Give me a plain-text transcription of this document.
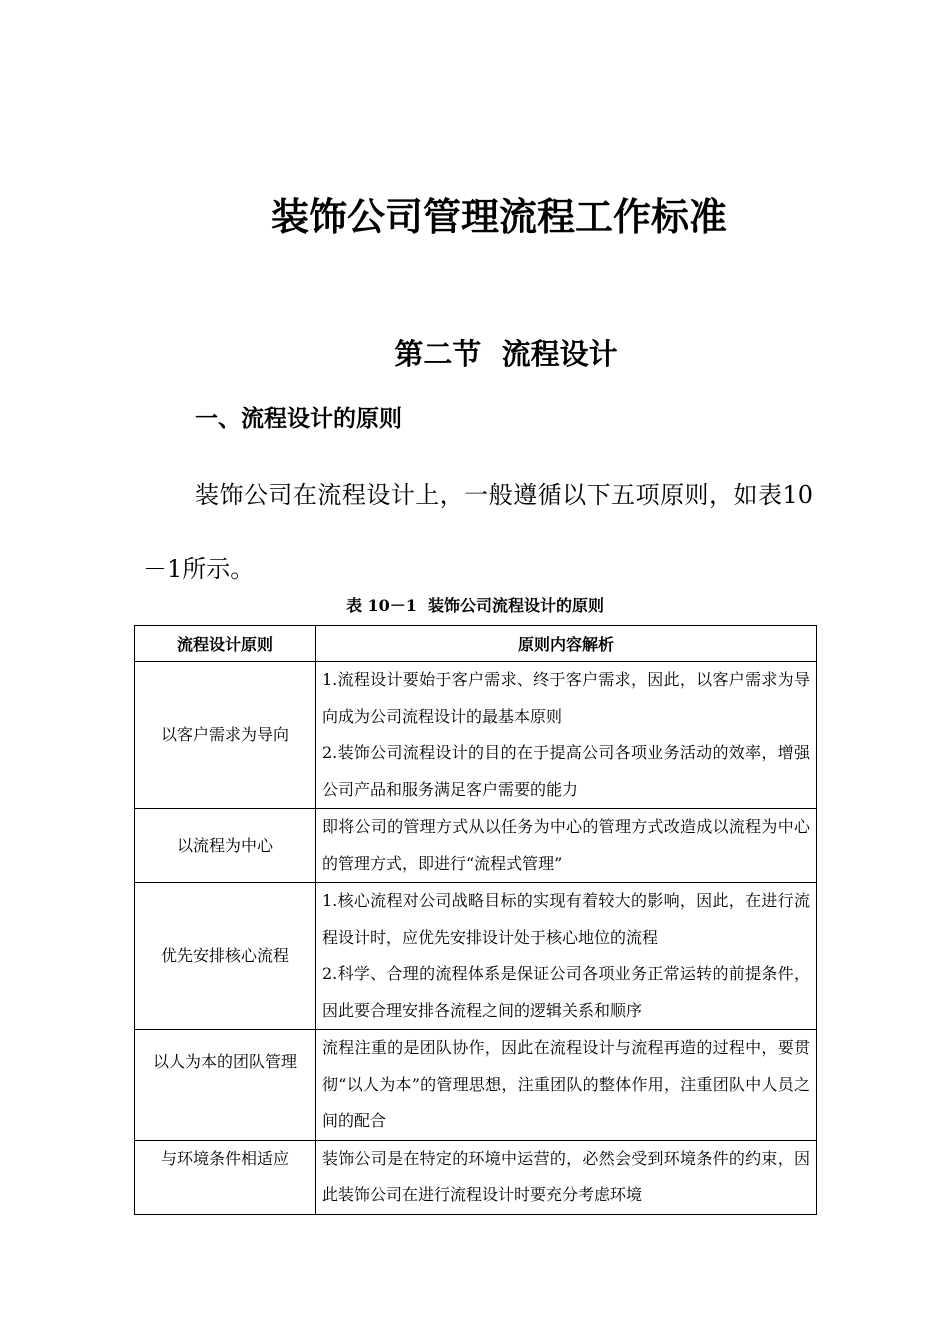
装饰公司管理流程工作标准
第二节  流程设计
一、流程设计的原则

装饰公司在流程设计上，一般遵循以下五项原则，如表10－1所示。

表 10－1  装饰公司流程设计的原则
流程设计原则	原则内容解析
以客户需求为导向	1.流程设计要始于客户需求、终于客户需求，因此，以客户需求为导向成为公司流程设计的最基本原则
2.装饰公司流程设计的目的在于提高公司各项业务活动的效率，增强公司产品和服务满足客户需要的能力

以流程为中心	即将公司的管理方式从以任务为中心的管理方式改造成以流程为中心的管理方式，即进行“流程式管理”

优先安排核心流程	1.核心流程对公司战略目标的实现有着较大的影响，因此，在进行流程设计时，应优先安排设计处于核心地位的流程
2.科学、合理的流程体系是保证公司各项业务正常运转的前提条件，因此要合理安排各流程之间的逻辑关系和顺序

以人为本的团队管理	流程注重的是团队协作，因此在流程设计与流程再造的过程中，要贯彻“以人为本”的管理思想，注重团队的整体作用，注重团队中人员之间的配合

与环境条件相适应	装饰公司是在特定的环境中运营的，必然会受到环境条件的约束，因此装饰公司在进行流程设计时要充分考虑环境
